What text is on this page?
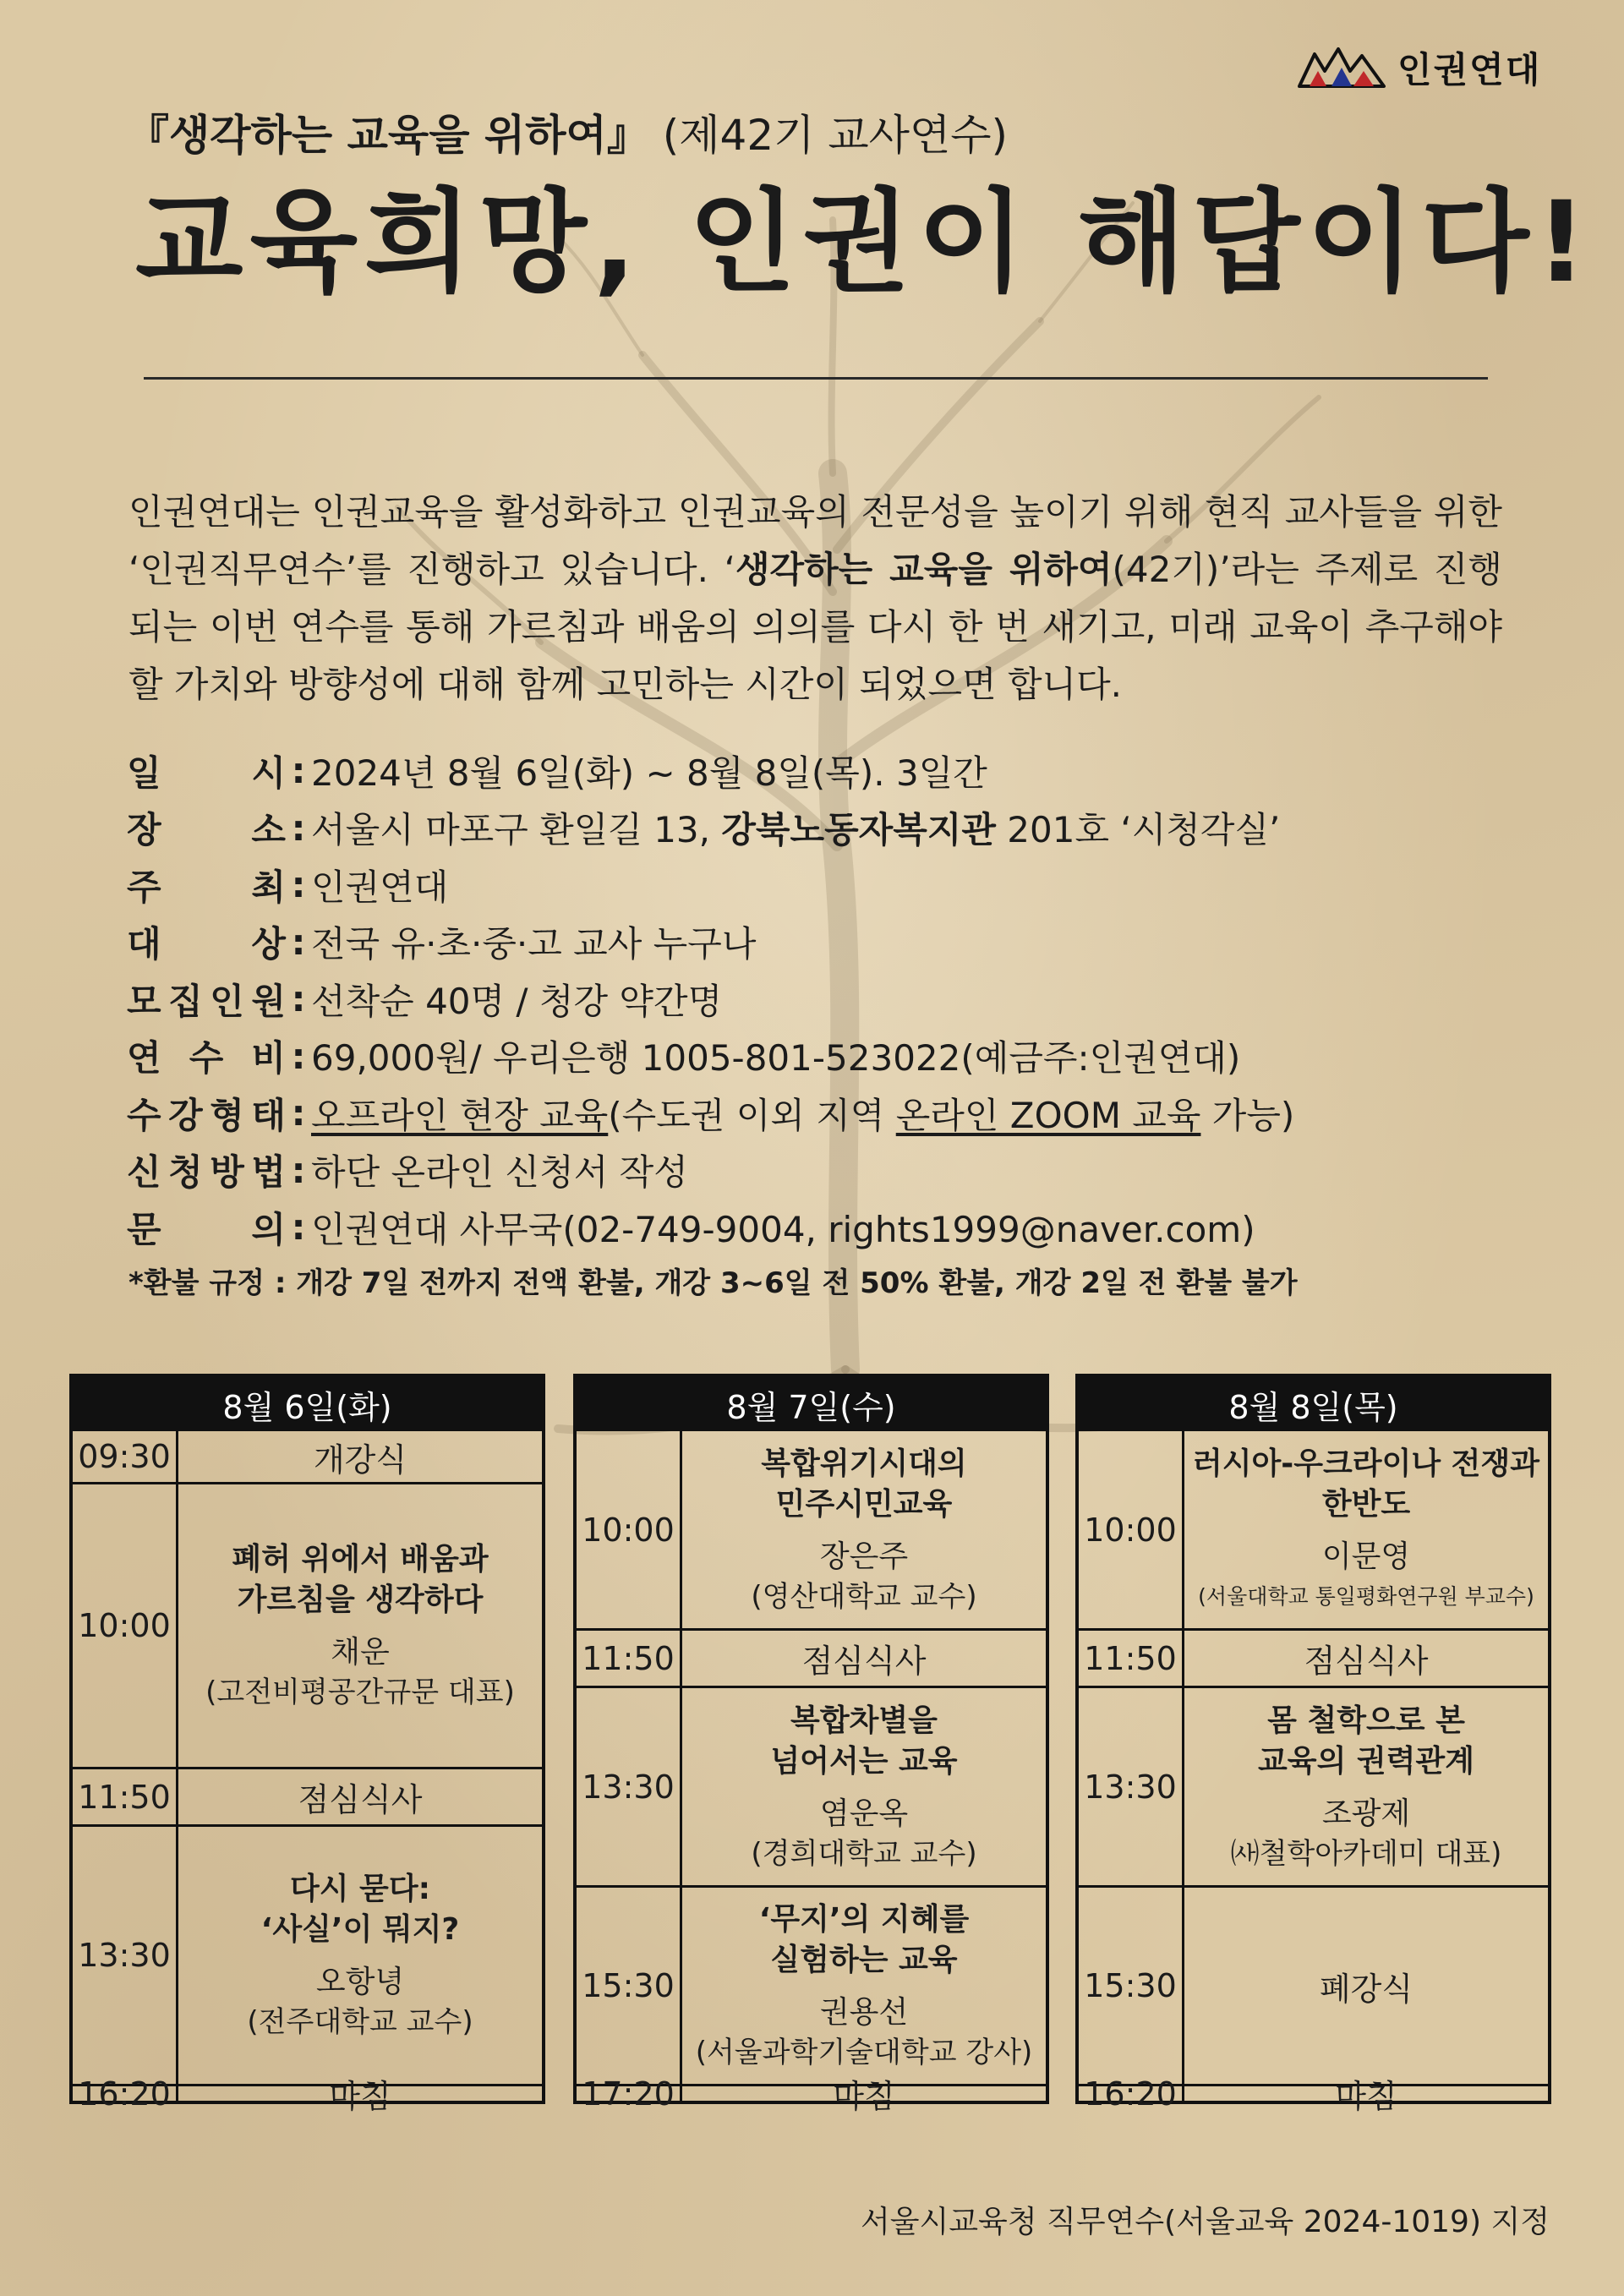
인권연대
『생각하는 교육을 위하여』 (제42기 교사연수)
교육희망, 인권이 해답이다!

인권연대는 인권교육을 활성화하고 인권교육의 전문성을 높이기 위해 현직 교사들을 위한 ‘인권직무연수’를 진행하고 있습니다. ‘생각하는 교육을 위하여(42기)’라는 주제로 진행되는 이번 연수를 통해 가르침과 배움의 의의를 다시 한 번 새기고, 미래 교육이 추구해야할 가치와 방향성에 대해 함께 고민하는 시간이 되었으면 합니다.

일	시 : 2024년 8월 6일(화) ~ 8월 8일(목). 3일간
장	소 : 서울시 마포구 환일길 13, 강북노동자복지관 201호 ‘시청각실’
주	최 : 인권연대
대	상 : 전국 유·초·중·고 교사 누구나
모 집 인 원 : 선착순 40명 / 청강 약간명
연 수 비 : 69,000원/ 우리은행 1005-801-523022(예금주:인권연대)
수 강 형 태 : 오프라인 현장 교육(수도권 이외 지역 온라인 ZOOM 교육 가능)
신 청 방 법 : 하단 온라인 신청서 작성
문	의 : 인권연대 사무국(02-749-9004, rights1999@naver.com)
*환불 규정 : 개강 7일 전까지 전액 환불, 개강 3~6일 전 50% 환불, 개강 2일 전 환불 불가
8월 6일(화)
09:30	개강식
10:00
폐허 위에서 배움과
가르침을 생각하다
채운
(고전비평공간규문 대표)
11:50	점심식사
13:30
다시 묻다:
‘사실’이 뭐지?
오항녕
(전주대학교 교수)
16:20	마침
8월 7일(수)
10:00
복합위기시대의
민주시민교육
장은주
(영산대학교 교수)
11:50	점심식사
13:30
복합차별을
넘어서는 교육
염운옥
(경희대학교 교수)
15:30
‘무지’의 지혜를
실험하는 교육
권용선
(서울과학기술대학교 강사)
17:20	마침
8월 8일(목)
10:00
러시아-우크라이나 전쟁과
한반도
이문영
(서울대학교 통일평화연구원 부교수)
11:50	점심식사
13:30
몸 철학으로 본
교육의 권력관계
조광제
㈔철학아카데미 대표)
15:30	폐강식
16:20	마침
서울시교육청 직무연수(서울교육 2024-1019) 지정
